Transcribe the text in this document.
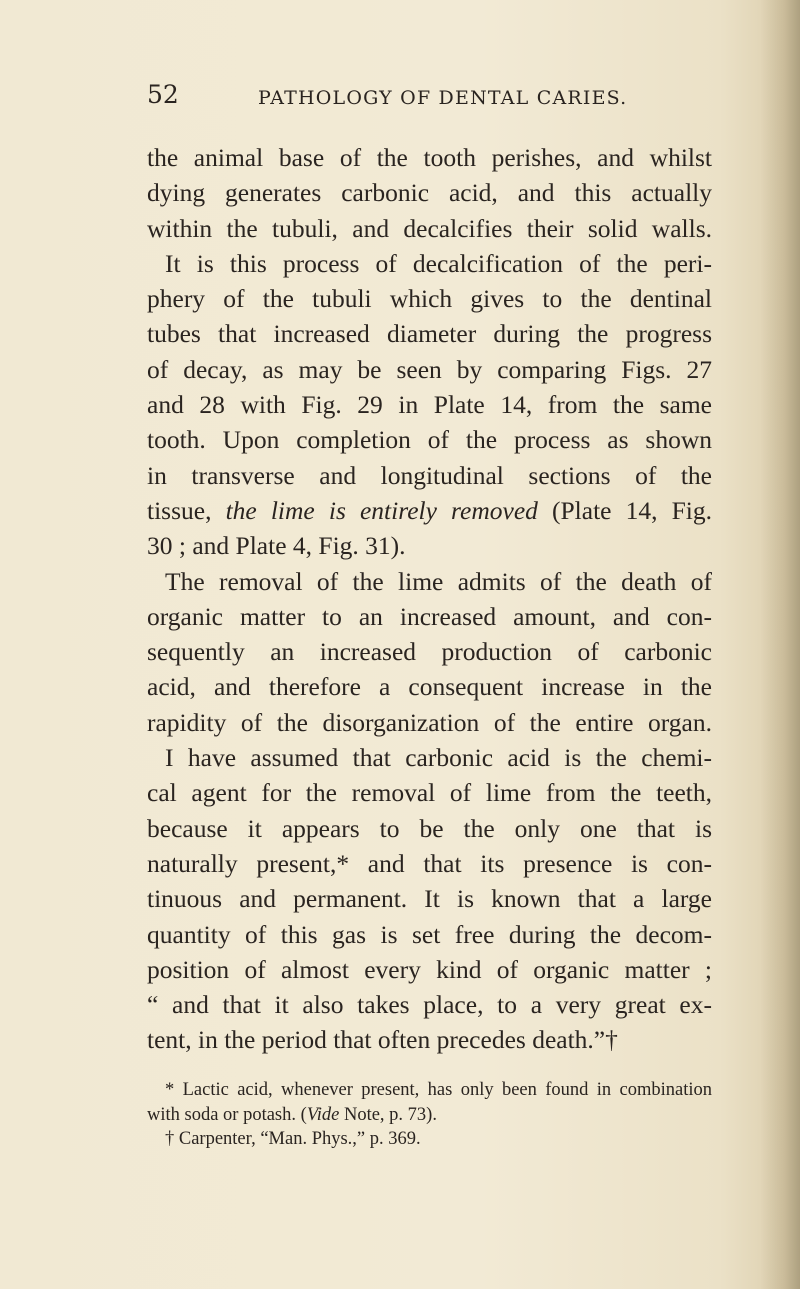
52	PATHOLOGY OF DENTAL CARIES.
the animal base of the tooth perishes, and whilst
dying generates carbonic acid, and this actually
within the tubuli, and decalcifies their solid walls.
It is this process of decalcification of the peri-
phery of the tubuli which gives to the dentinal
tubes that increased diameter during the progress
of decay, as may be seen by comparing Figs. 27
and 28 with Fig. 29 in Plate 14, from the same
tooth. Upon completion of the process as shown
in transverse and longitudinal sections of the
tissue, the lime is entirely removed (Plate 14, Fig.
30 ; and Plate 4, Fig. 31).
The removal of the lime admits of the death of
organic matter to an increased amount, and con-
sequently an increased production of carbonic
acid, and therefore a consequent increase in the
rapidity of the disorganization of the entire organ.
I have assumed that carbonic acid is the chemi-
cal agent for the removal of lime from the teeth,
because it appears to be the only one that is
naturally present,* and that its presence is con-
tinuous and permanent. It is known that a large
quantity of this gas is set free during the decom-
position of almost every kind of organic matter ;
“ and that it also takes place, to a very great ex-
tent, in the period that often precedes death.”†
* Lactic acid, whenever present, has only been found in combination
with soda or potash. (Vide Note, p. 73).
† Carpenter, “Man. Phys.,” p. 369.
